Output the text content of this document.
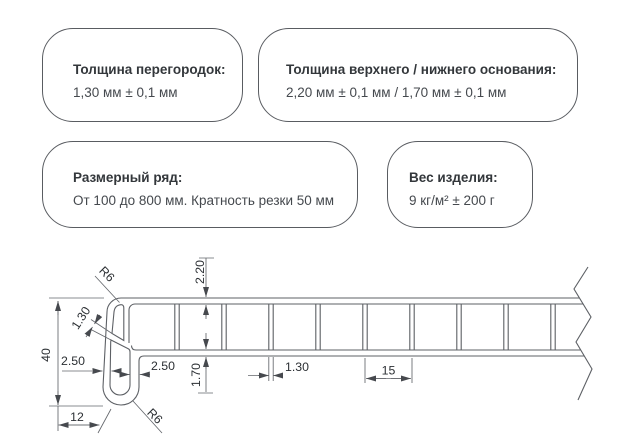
Толщина перегородок:
1,30 мм ± 0,1 мм
Толщина верхнего / нижнего основания:
2,20 мм ± 0,1 мм / 1,70 мм ± 0,1 мм
Размерный ряд:
От 100 до 800 мм. Кратность резки 50 мм
Вес изделия:
9 кг/м² ± 200 г
40
R6	2.20
1.70
1.30
2.50	2.50	1.30	15
12	R6
